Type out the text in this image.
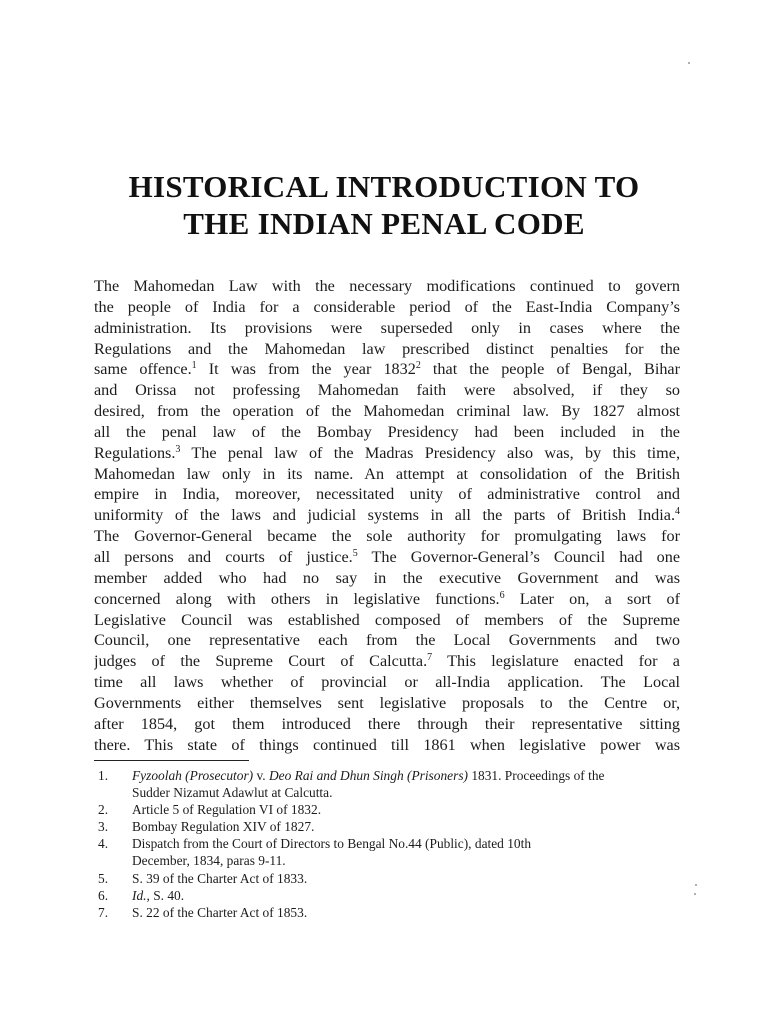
HISTORICAL INTRODUCTION TO
THE INDIAN PENAL CODE
The Mahomedan Law with the necessary modifications continued to govern
the people of India for a considerable period of the East-India Company’s
administration. Its provisions were superseded only in cases where the
Regulations and the Mahomedan law prescribed distinct penalties for the
same offence.$^1$ It was from the year 1832$^2$ that the people of Bengal, Bihar
and Orissa not professing Mahomedan faith were absolved, if they so
desired, from the operation of the Mahomedan criminal law. By 1827 almost
all the penal law of the Bombay Presidency had been included in the
Regulations.$^3$ The penal law of the Madras Presidency also was, by this time,
Mahomedan law only in its name. An attempt at consolidation of the British
empire in India, moreover, necessitated unity of administrative control and
uniformity of the laws and judicial systems in all the parts of British India.$^4$
The Governor-General became the sole authority for promulgating laws for
all persons and courts of justice.$^5$ The Governor-General’s Council had one
member added who had no say in the executive Government and was
concerned along with others in legislative functions.$^6$ Later on, a sort of
Legislative Council was established composed of members of the Supreme
Council, one representative each from the Local Governments and two
judges of the Supreme Court of Calcutta.$^7$ This legislature enacted for a
time all laws whether of provincial or all-India application. The Local
Governments either themselves sent legislative proposals to the Centre or,
after 1854, got them introduced there through their representative sitting
there. This state of things continued till 1861 when legislative power was
1.	Fyzoolah (Prosecutor) v. Deo Rai and Dhun Singh (Prisoners) 1831. Proceedings of the
Sudder Nizamut Adawlut at Calcutta.
2.	Article 5 of Regulation VI of 1832.
3.	Bombay Regulation XIV of 1827.
4.	Dispatch from the Court of Directors to Bengal No.44 (Public), dated 10th
December, 1834, paras 9-11.
5.	S. 39 of the Charter Act of 1833.
6.	Id., S. 40.
7.	S. 22 of the Charter Act of 1853.
